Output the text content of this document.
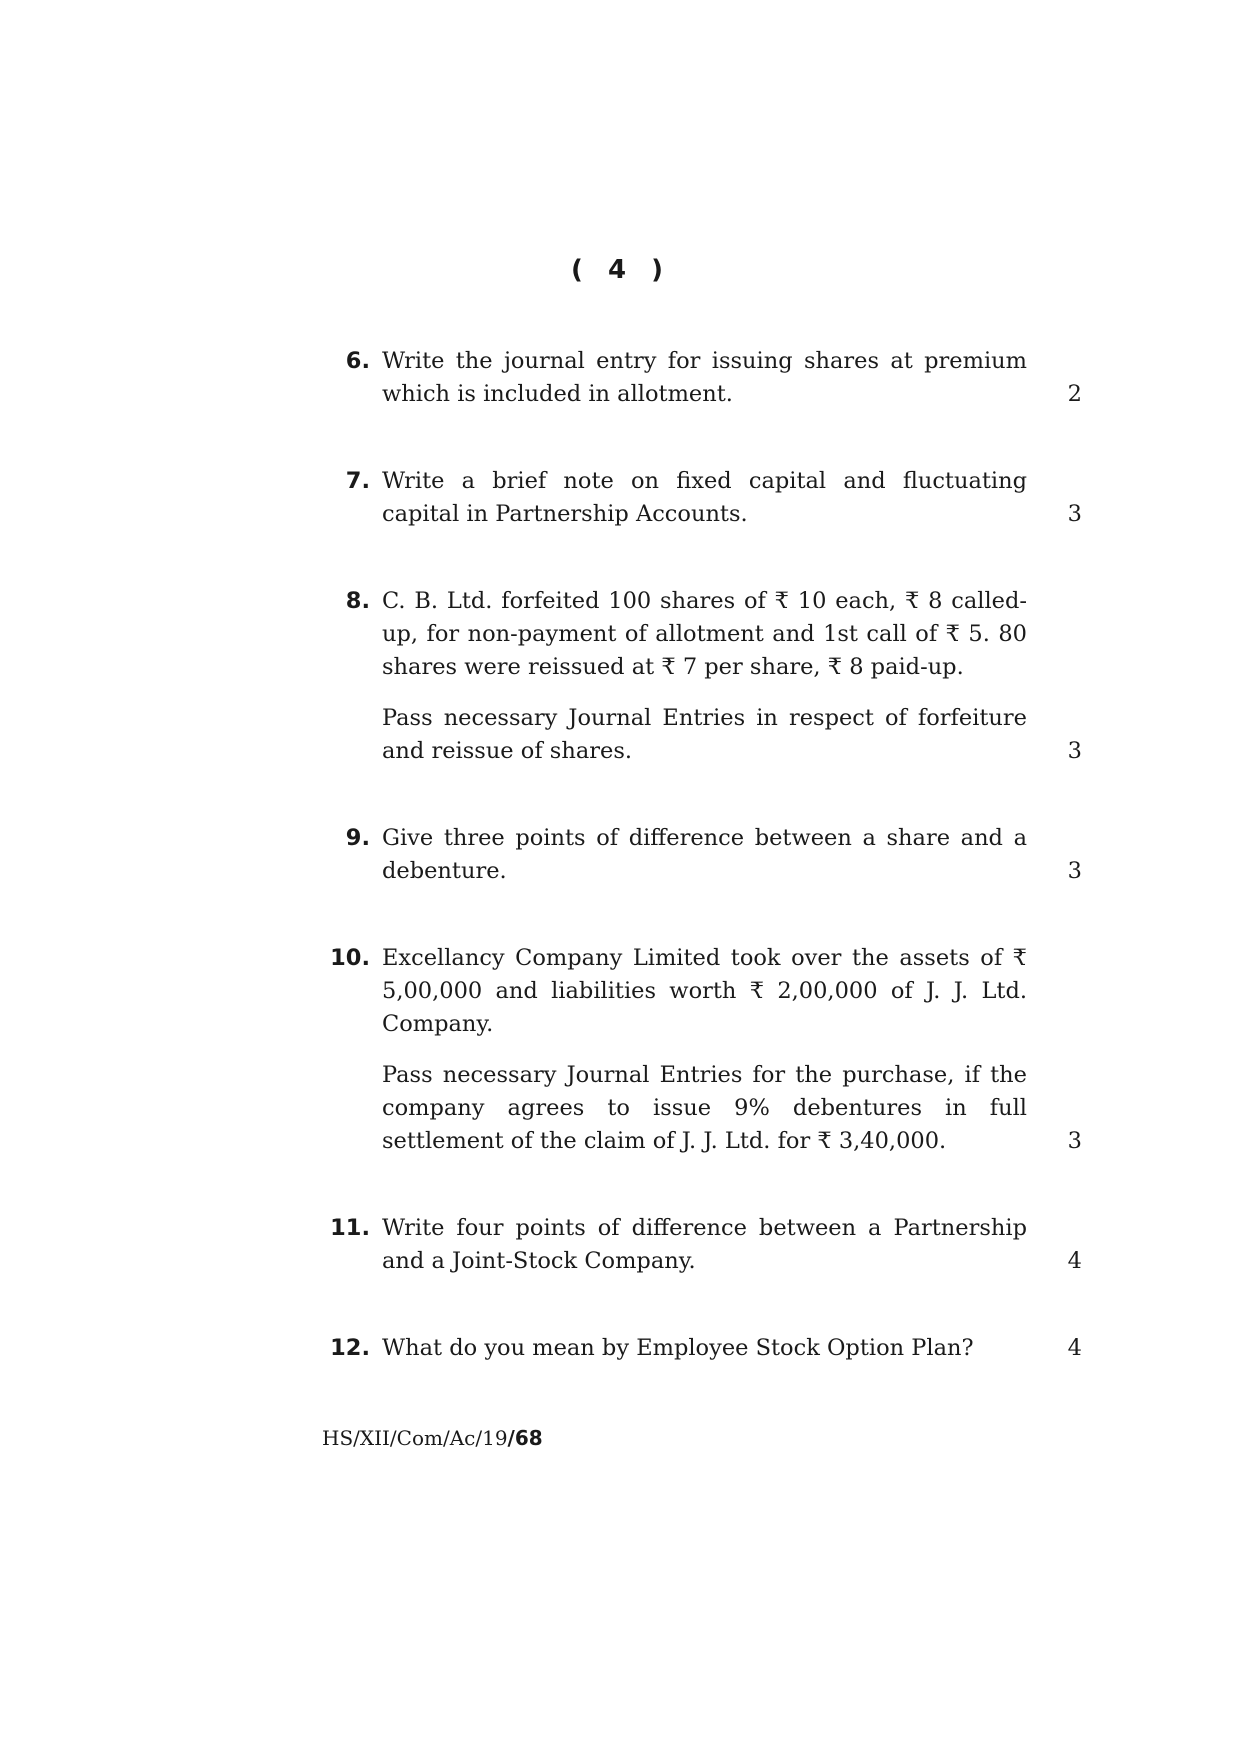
( 4 )
6. Write the journal entry for issuing shares at premium which is included in allotment.	2
7. Write a brief note on fixed capital and fluctuating capital in Partnership Accounts.	3
8. C. B. Ltd. forfeited 100 shares of ₹ 10 each, ₹ 8 called-up, for non-payment of allotment and 1st call of ₹ 5. 80 shares were reissued at ₹ 7 per share, ₹ 8 paid-up.
Pass necessary Journal Entries in respect of forfeiture and reissue of shares.	3
9. Give three points of difference between a share and a debenture.	3
10. Excellancy Company Limited took over the assets of ₹ 5,00,000 and liabilities worth ₹ 2,00,000 of J. J. Ltd. Company.
Pass necessary Journal Entries for the purchase, if the company agrees to issue 9% debentures in full settlement of the claim of J. J. Ltd. for ₹ 3,40,000.	3
11. Write four points of difference between a Partnership and a Joint-Stock Company.	4
12. What do you mean by Employee Stock Option Plan?	4
HS/XII/Com/Ac/19/68
